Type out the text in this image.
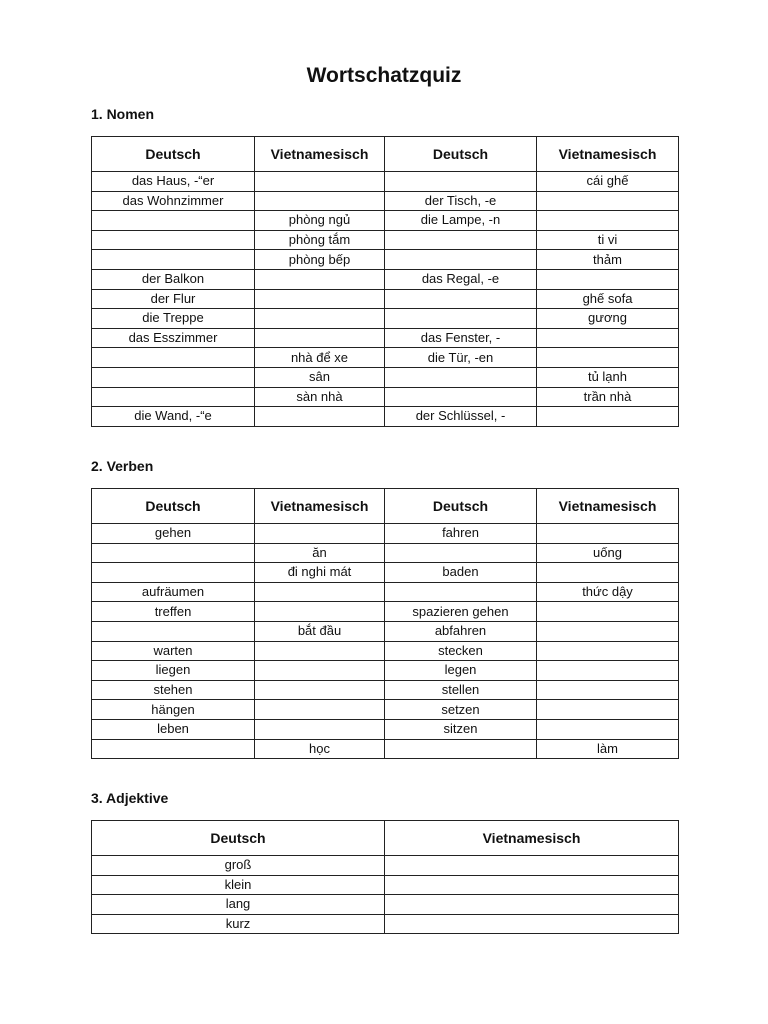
Wortschatzquiz
1. Nomen
Deutsch	Vietnamesisch	Deutsch	Vietnamesisch
das Haus, -“er			cái ghế
das Wohnzimmer		der Tisch, -e	
	phòng ngủ	die Lampe, -n	
	phòng tắm		ti vi
	phòng bếp		thảm
der Balkon		das Regal, -e	
der Flur			ghế sofa
die Treppe			gương
das Esszimmer		das Fenster, -	
	nhà để xe	die Tür, -en	
	sân		tủ lạnh
	sàn nhà		trần nhà
die Wand, -“e		der Schlüssel, -	
2. Verben
Deutsch	Vietnamesisch	Deutsch	Vietnamesisch
gehen		fahren	
	ăn		uống
	đi nghi mát	baden	
aufräumen			thức dậy
treffen		spazieren gehen	
	bắt đầu	abfahren	
warten		stecken	
liegen		legen	
stehen		stellen	
hängen		setzen	
leben		sitzen	
	học		làm
3. Adjektive
Deutsch	Vietnamesisch
groß	
klein	
lang	
kurz	
